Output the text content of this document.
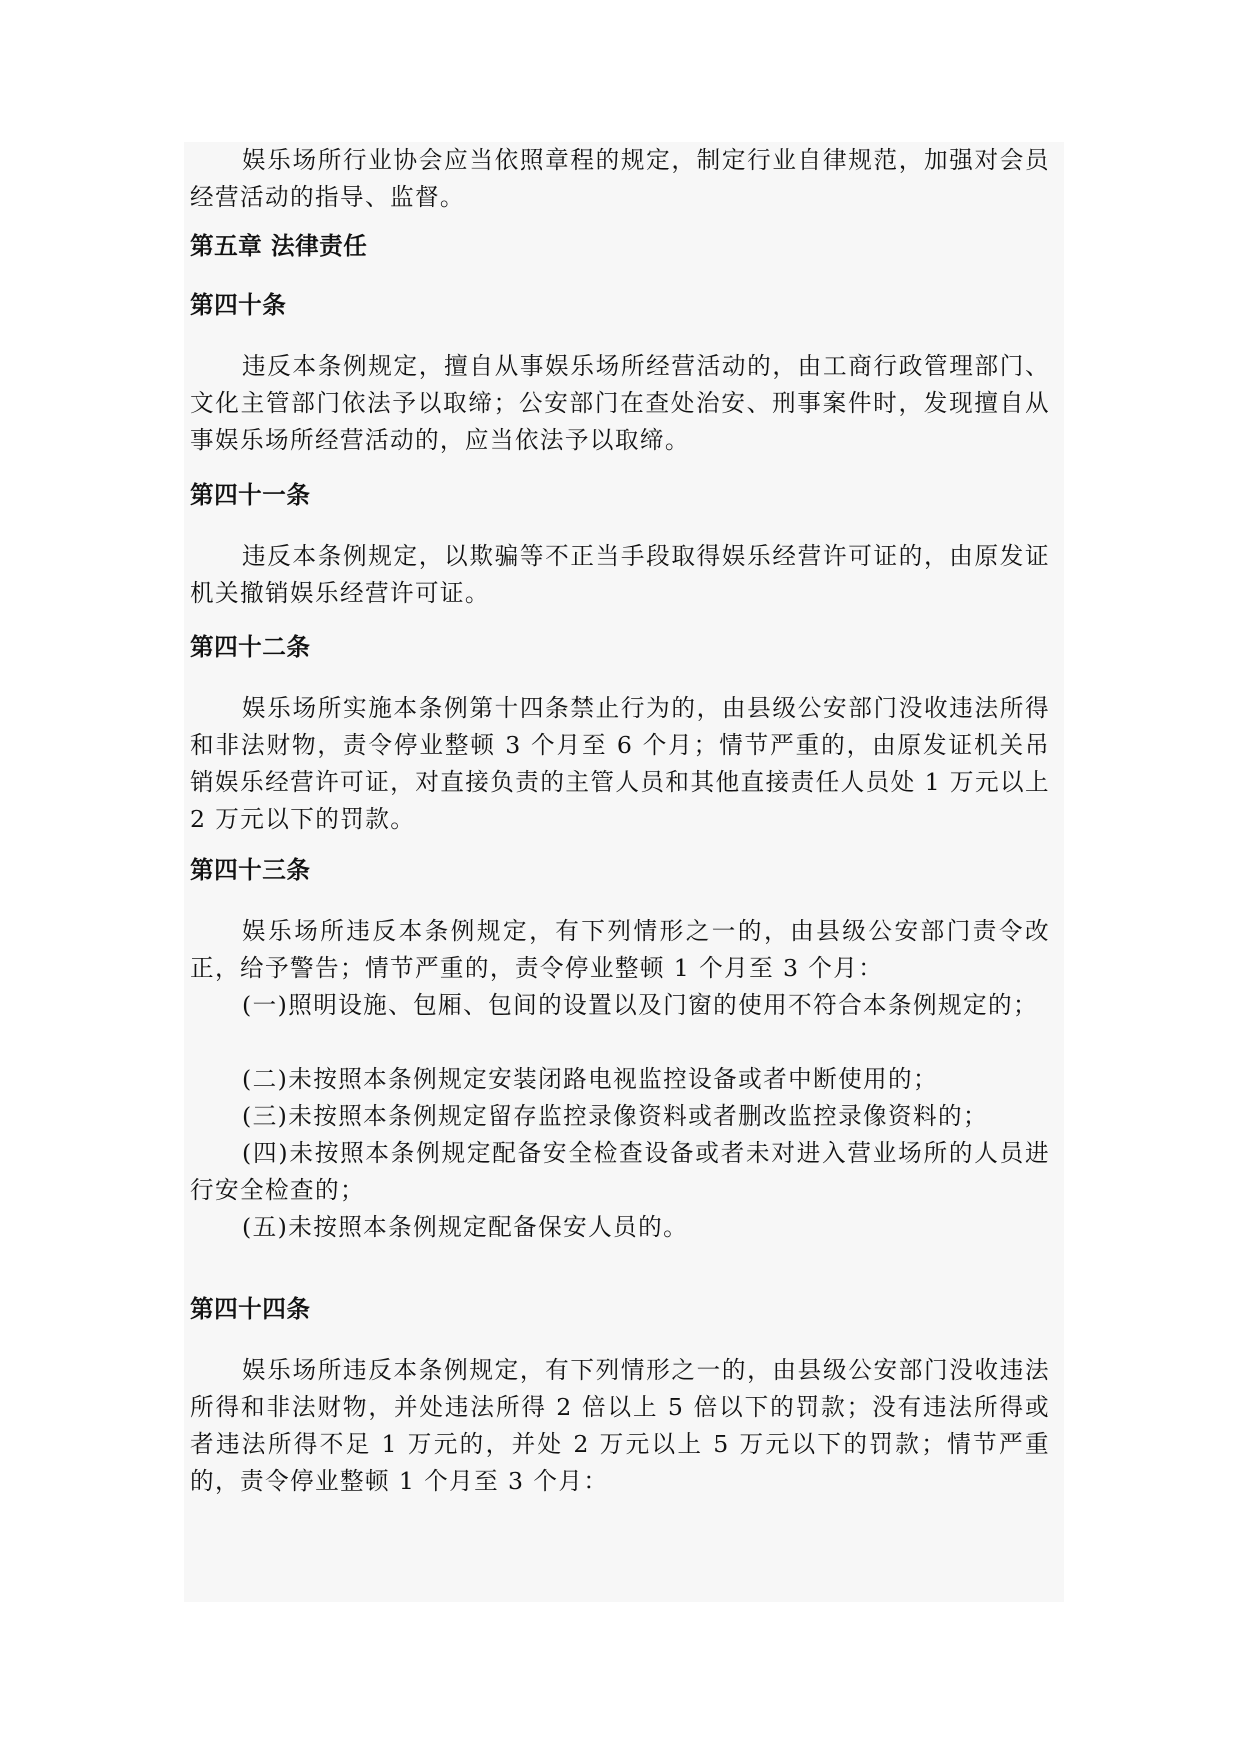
娱乐场所行业协会应当依照章程的规定，制定行业自律规范，加强对会员经营活动的指导、监督。

第五章 法律责任

第四十条

违反本条例规定，擅自从事娱乐场所经营活动的，由工商行政管理部门、文化主管部门依法予以取缔；公安部门在查处治安、刑事案件时，发现擅自从事娱乐场所经营活动的，应当依法予以取缔。

第四十一条

违反本条例规定，以欺骗等不正当手段取得娱乐经营许可证的，由原发证机关撤销娱乐经营许可证。

第四十二条

娱乐场所实施本条例第十四条禁止行为的，由县级公安部门没收违法所得和非法财物，责令停业整顿 3 个月至 6 个月；情节严重的，由原发证机关吊销娱乐经营许可证，对直接负责的主管人员和其他直接责任人员处 1 万元以上 2 万元以下的罚款。

第四十三条

娱乐场所违反本条例规定，有下列情形之一的，由县级公安部门责令改正，给予警告；情节严重的，责令停业整顿 1 个月至 3 个月：

(一)照明设施、包厢、包间的设置以及门窗的使用不符合本条例规定的；

(二)未按照本条例规定安装闭路电视监控设备或者中断使用的；

(三)未按照本条例规定留存监控录像资料或者删改监控录像资料的；

(四)未按照本条例规定配备安全检查设备或者未对进入营业场所的人员进行安全检查的；

(五)未按照本条例规定配备保安人员的。

第四十四条

娱乐场所违反本条例规定，有下列情形之一的，由县级公安部门没收违法所得和非法财物，并处违法所得 2 倍以上 5 倍以下的罚款；没有违法所得或者违法所得不足 1 万元的，并处 2 万元以上 5 万元以下的罚款；情节严重的，责令停业整顿 1 个月至 3 个月：
